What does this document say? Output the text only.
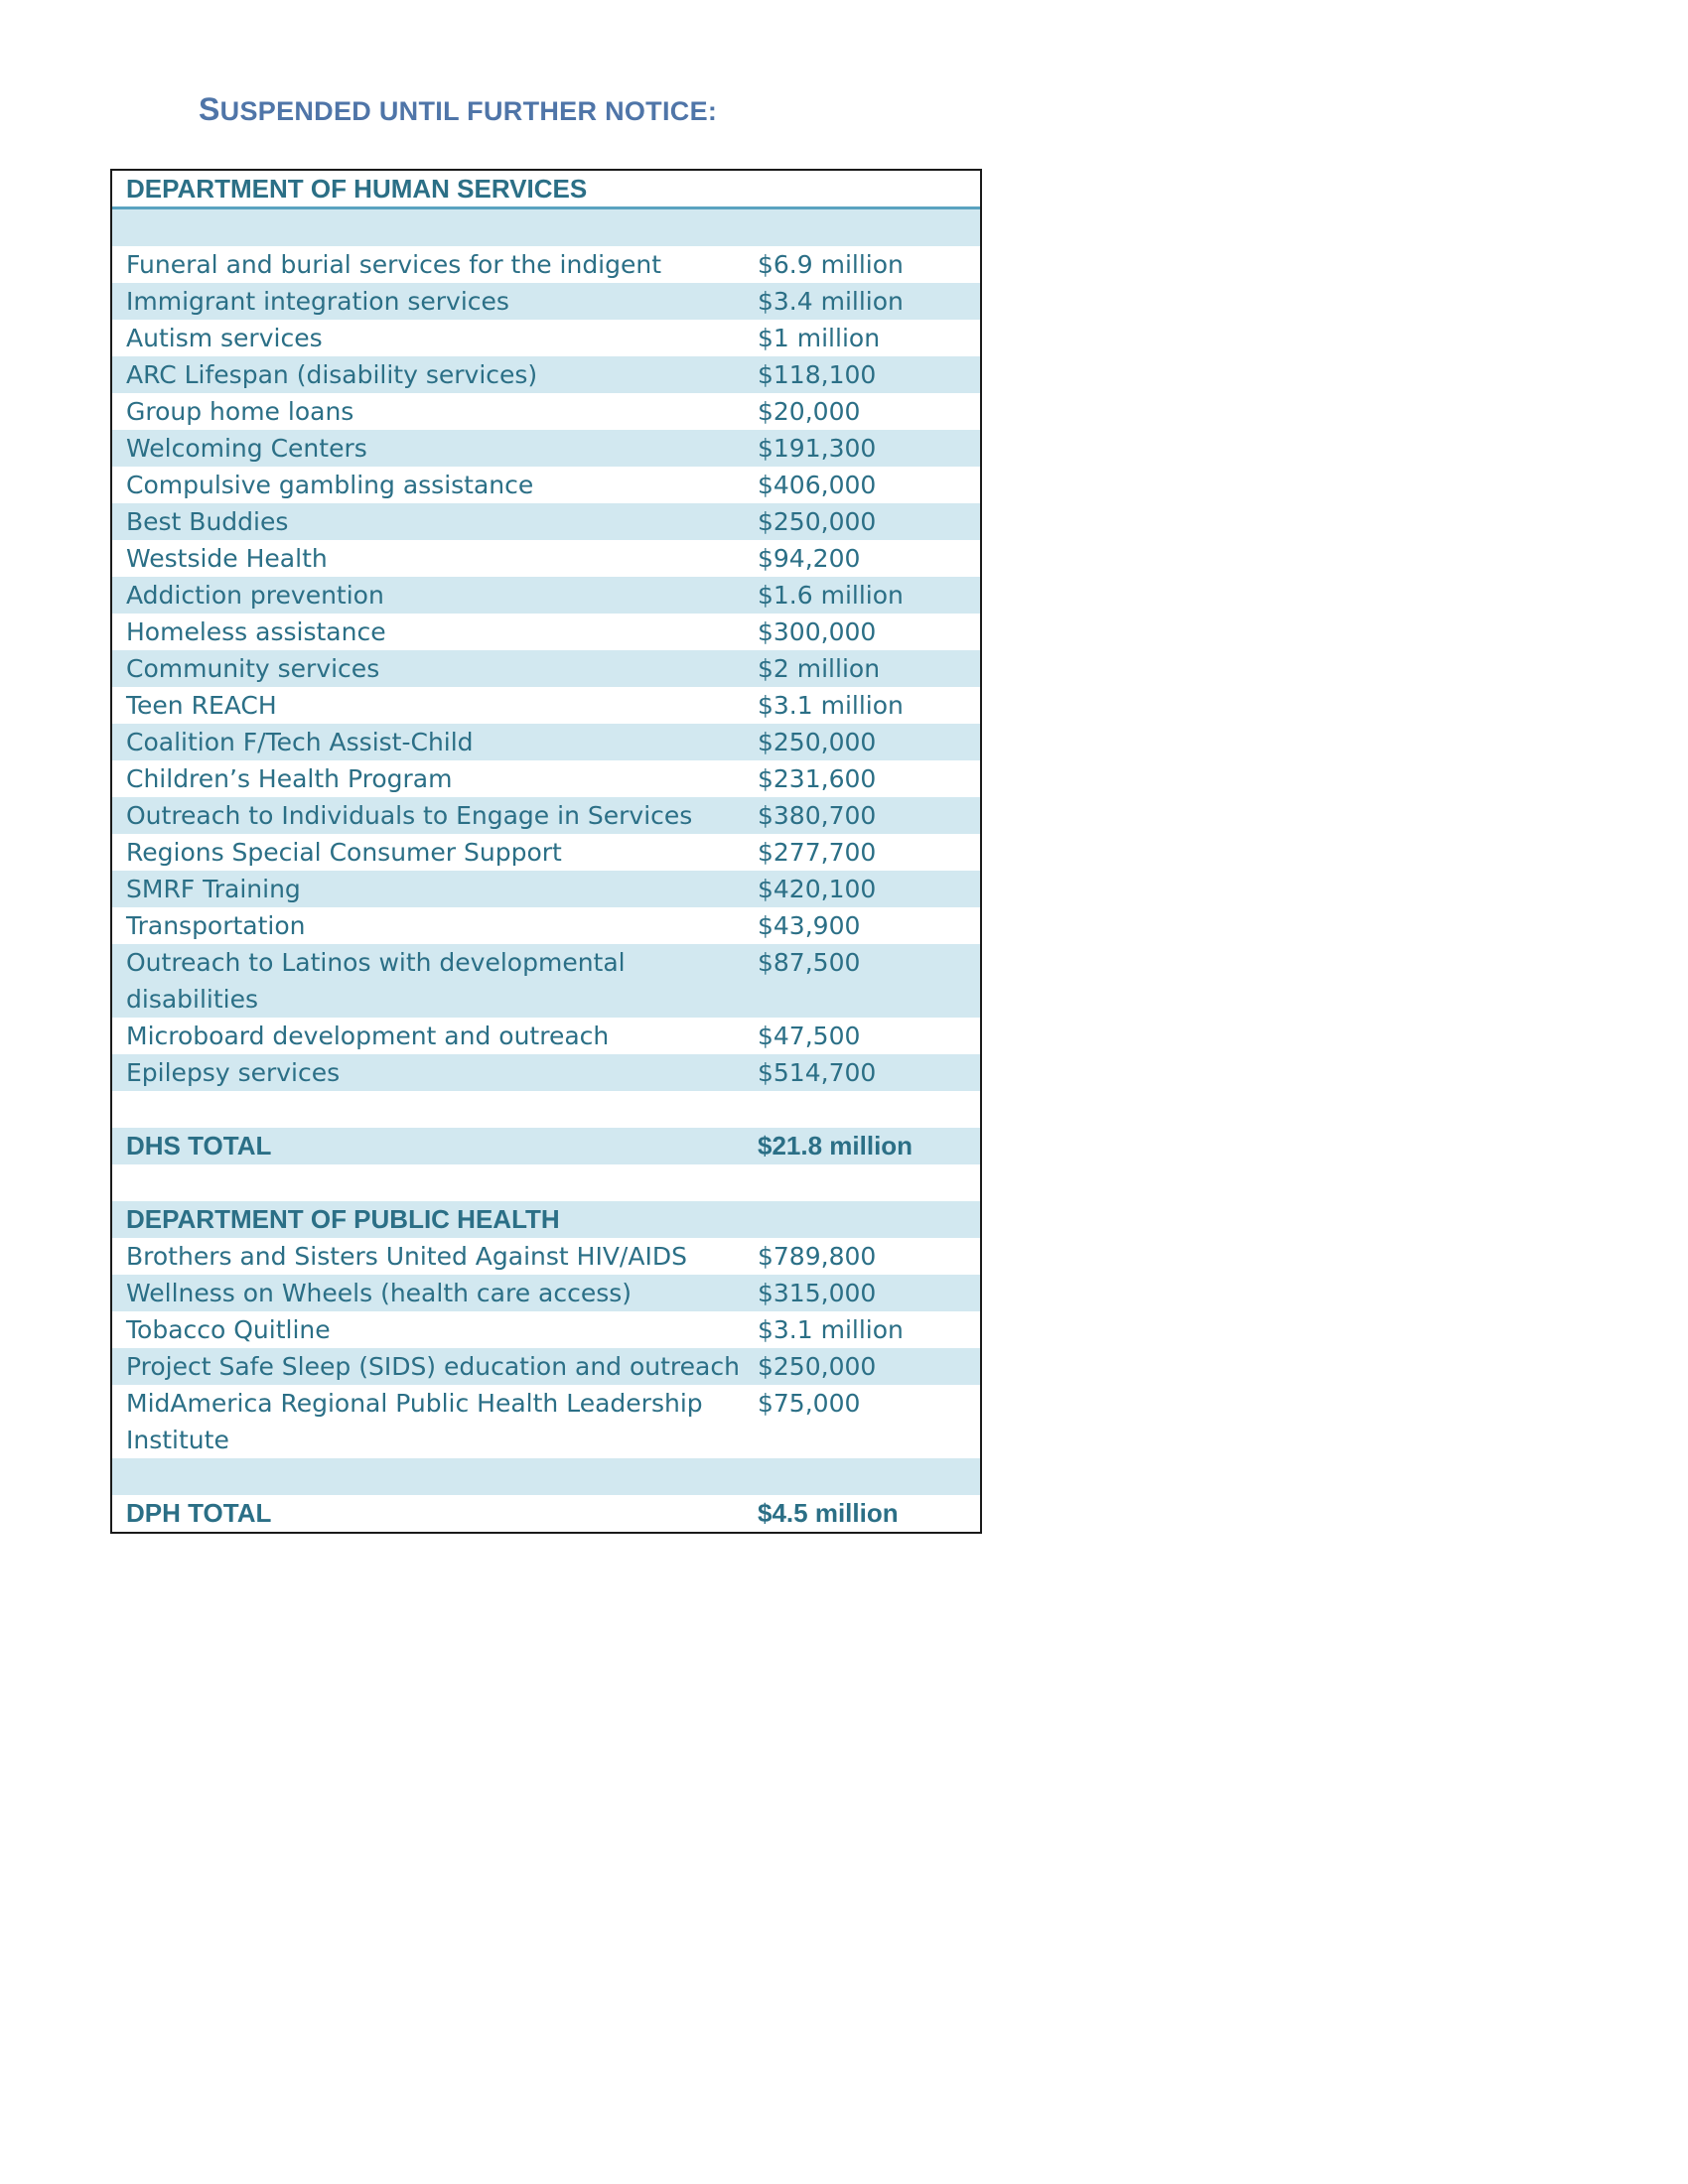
SUSPENDED UNTIL FURTHER NOTICE:
DEPARTMENT OF HUMAN SERVICES
Funeral and burial services for the indigent	$6.9 million
Immigrant integration services	$3.4 million
Autism services	$1 million
ARC Lifespan (disability services)	$118,100
Group home loans	$20,000
Welcoming Centers	$191,300
Compulsive gambling assistance	$406,000
Best Buddies	$250,000
Westside Health	$94,200
Addiction prevention	$1.6 million
Homeless assistance	$300,000
Community services	$2 million
Teen REACH	$3.1 million
Coalition F/Tech Assist-Child	$250,000
Children’s Health Program	$231,600
Outreach to Individuals to Engage in Services	$380,700
Regions Special Consumer Support	$277,700
SMRF Training	$420,100
Transportation	$43,900
Outreach to Latinos with developmental disabilities
$87,500
Microboard development and outreach	$47,500
Epilepsy services	$514,700
DHS TOTAL	$21.8 million
DEPARTMENT OF PUBLIC HEALTH
Brothers and Sisters United Against HIV/AIDS	$789,800
Wellness on Wheels (health care access)	$315,000
Tobacco Quitline	$3.1 million
Project Safe Sleep (SIDS) education and outreach $250,000
MidAmerica Regional Public Health Leadership Institute
$75,000
DPH TOTAL	$4.5 million
